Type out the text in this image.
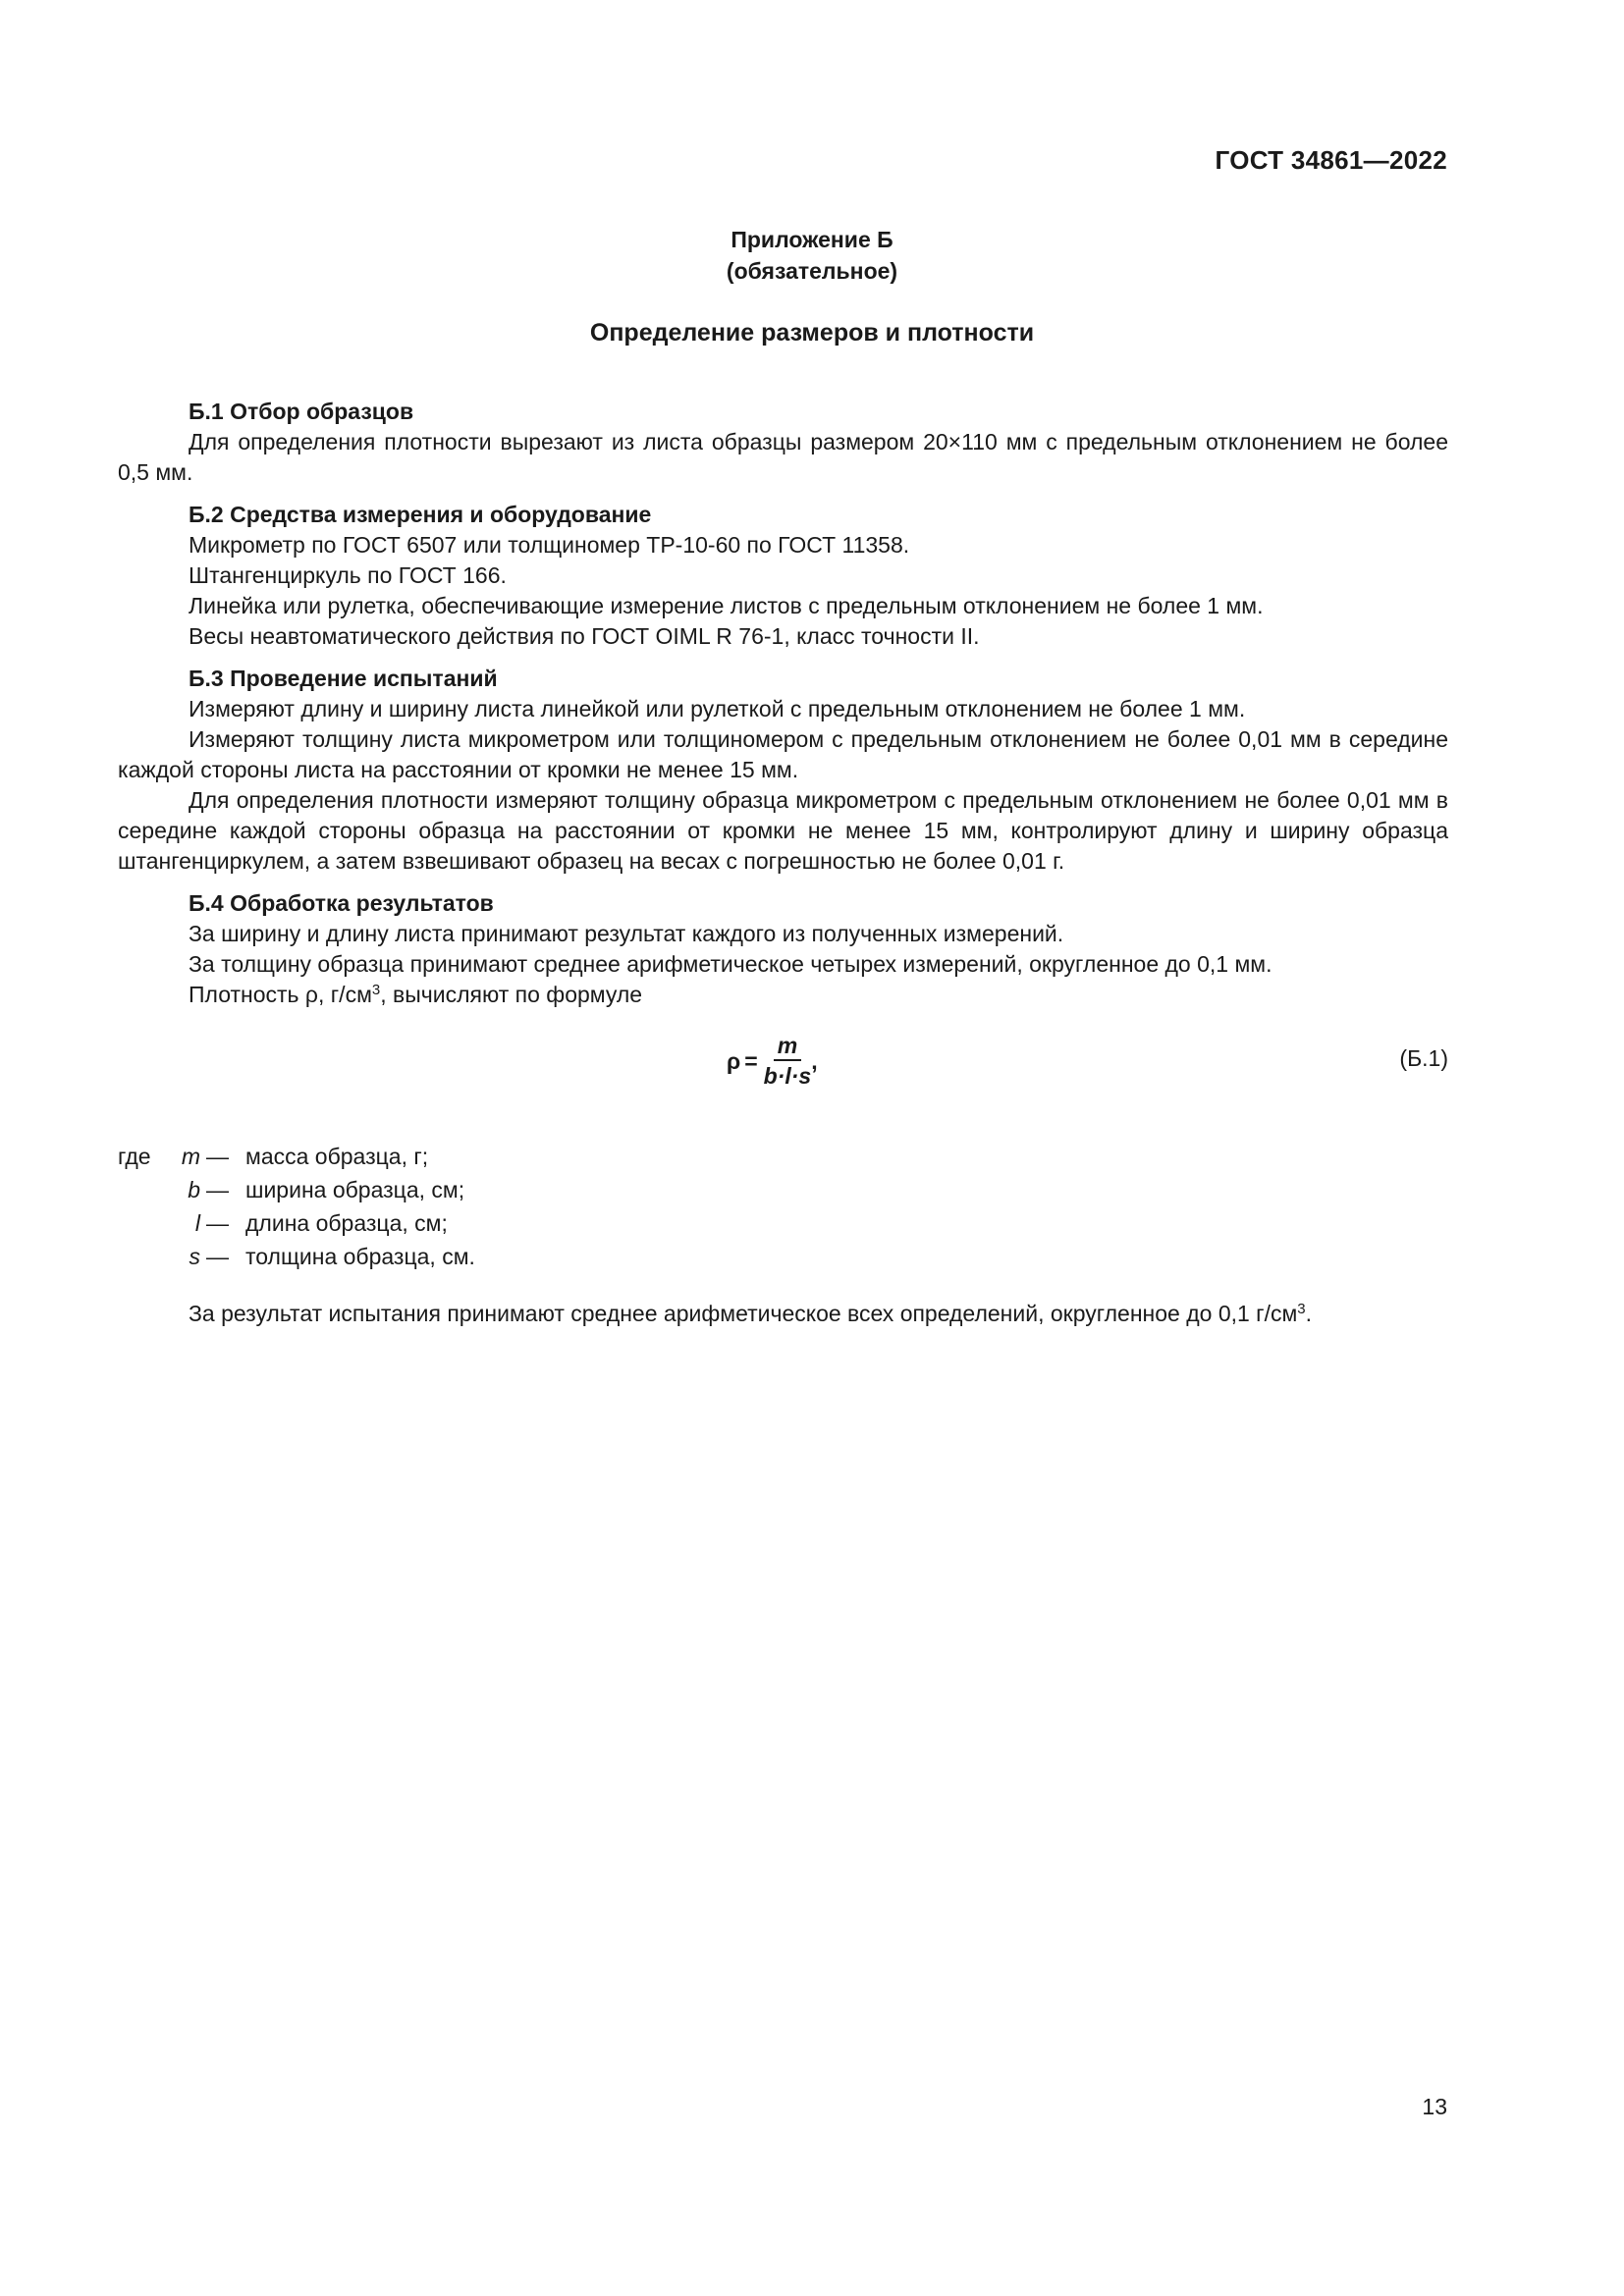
ГОСТ 34861—2022
Приложение Б
(обязательное)
Определение размеров и плотности

Б.1 Отбор образцов

Для определения плотности вырезают из листа образцы размером 20×110 мм с предельным отклонением не более 0,5 мм.

Б.2 Средства измерения и оборудование

Микрометр по ГОСТ 6507 или толщиномер ТР-10-60 по ГОСТ 11358.

Штангенциркуль по ГОСТ 166.

Линейка или рулетка, обеспечивающие измерение листов с предельным отклонением не более 1 мм.

Весы неавтоматического действия по ГОСТ OIML R 76-1, класс точности II.

Б.3 Проведение испытаний

Измеряют длину и ширину листа линейкой или рулеткой с предельным отклонением не более 1 мм.

Измеряют толщину листа микрометром или толщиномером с предельным отклонением не более 0,01 мм в середине каждой стороны листа на расстоянии от кромки не менее 15 мм.

Для определения плотности измеряют толщину образца микрометром с предельным отклонением не более 0,01 мм в середине каждой стороны образца на расстоянии от кромки не менее 15 мм, контролируют длину и ширину образца штангенциркулем, а затем взвешивают образец на весах с погрешностью не более 0,01 г.

Б.4 Обработка результатов

За ширину и длину листа принимают результат каждого из полученных измерений.

За толщину образца принимают среднее арифметическое четырех измерений, округленное до 0,1 мм.

Плотность ρ, $г/см^3$, вычисляют по формуле

$\rho = \frac{m}{b\cdot l\cdot s}$ ,	(Б.1)
где	m — масса образца, г;
b — ширина образца, см;
l — длина образца, см;
s — толщина образца, см.

За результат испытания принимают среднее арифметическое всех определений, округленное до 0,1 $г/см^3$.

13
